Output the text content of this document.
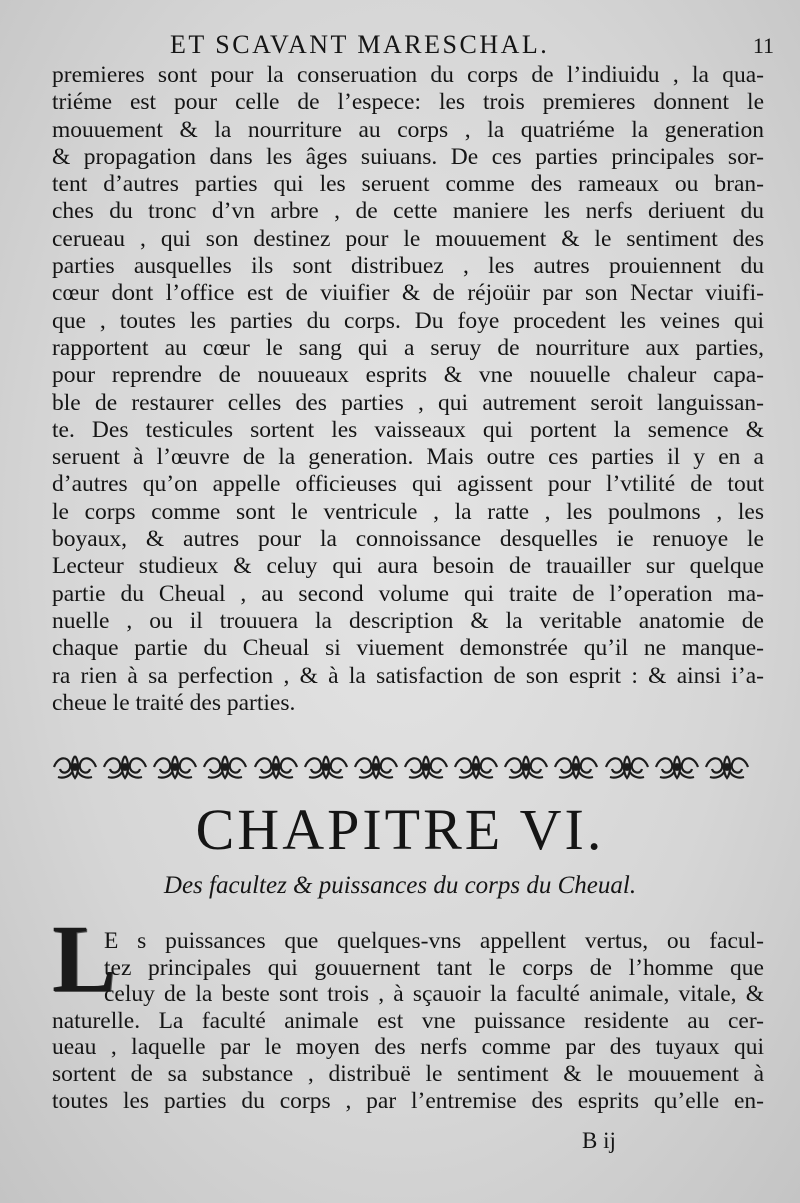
ET SCAVANT MARESCHAL.	11
premieres sont pour la conseruation du corps de l’indiuidu , la qua-
triéme est pour celle de l’espece: les trois premieres donnent le
mouuement & la nourriture au corps , la quatriéme la generation
& propagation dans les âges suiuans. De ces parties principales sor-
tent d’autres parties qui les seruent comme des rameaux ou bran-
ches du tronc d’vn arbre , de cette maniere les nerfs deriuent du
cerueau , qui son destinez pour le mouuement & le sentiment des
parties ausquelles ils sont distribuez , les autres prouiennent du
cœur dont l’office est de viuifier & de réjoüir par son Nectar viuifi-
que , toutes les parties du corps. Du foye procedent les veines qui
rapportent au cœur le sang qui a seruy de nourriture aux parties,
pour reprendre de nouueaux esprits & vne nouuelle chaleur capa-
ble de restaurer celles des parties , qui autrement seroit languissan-
te. Des testicules sortent les vaisseaux qui portent la semence &
seruent à l’œuvre de la generation. Mais outre ces parties il y en a
d’autres qu’on appelle officieuses qui agissent pour l’vtilité de tout
le corps comme sont le ventricule , la ratte , les poulmons , les
boyaux, & autres pour la connoissance desquelles ie renuoye le
Lecteur studieux & celuy qui aura besoin de trauailler sur quelque
partie du Cheual , au second volume qui traite de l’operation ma-
nuelle , ou il trouuera la description & la veritable anatomie de
chaque partie du Cheual si viuement demonstrée qu’il ne manque-
ra rien à sa perfection , & à la satisfaction de son esprit : & ainsi i’a-
cheue le traité des parties.
CHAPITRE VI.
Des facultez & puissances du corps du Cheual.
L
E s puissances que quelques-vns appellent vertus, ou facul-
tez principales qui gouuernent tant le corps de l’homme que
celuy de la beste sont trois , à sçauoir la faculté animale, vitale, &
naturelle. La faculté animale est vne puissance residente au cer-
ueau , laquelle par le moyen des nerfs comme par des tuyaux qui
sortent de sa substance , distribuë le sentiment & le mouuement à
toutes les parties du corps , par l’entremise des esprits qu’elle en-
B ij
